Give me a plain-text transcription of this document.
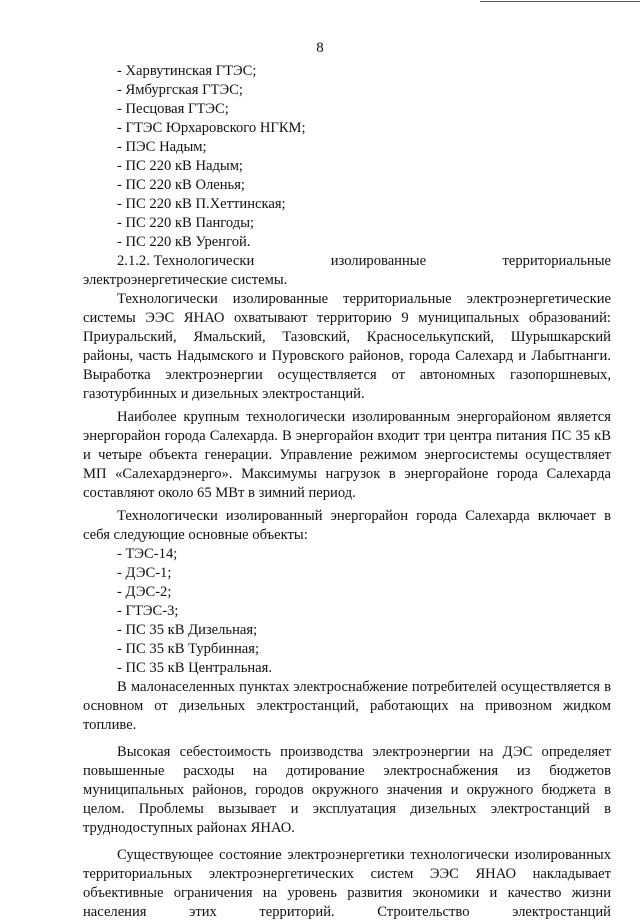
8
- Харвутинская ГТЭС;
- Ямбургская ГТЭС;
- Песцовая ГТЭС;
- ГТЭС Юрхаровского НГКМ;
- ПЭС Надым;
- ПС 220 кВ Надым;
- ПС 220 кВ Оленья;
- ПС 220 кВ П.Хеттинская;
- ПС 220 кВ Пангоды;
- ПС 220 кВ Уренгой.
2.1.2. Технологически	изолированные	территориальные
электроэнергетические системы.

Технологически изолированные территориальные электроэнергетические системы ЭЭС ЯНАО охватывают территорию 9 муниципальных образований: Приуральский, Ямальский, Тазовский, Красноселькупский, Шурышкарский районы, часть Надымского и Пуровского районов, города Салехард и Лабытнанги. Выработка электроэнергии осуществляется от автономных газопоршневых, газотурбинных и дизельных электростанций.

Наиболее крупным технологически изолированным энергорайоном является энергорайон города Салехарда. В энергорайон входит три центра питания ПС 35 кВ и четыре объекта генерации. Управление режимом энергосистемы осуществляет МП «Салехардэнерго». Максимумы нагрузок в энергорайоне города Салехарда составляют около 65 МВт в зимний период.

Технологически изолированный энергорайон города Салехарда включает в себя следующие основные объекты:

- ТЭС-14;
- ДЭС-1;
- ДЭС-2;
- ГТЭС-3;
- ПС 35 кВ Дизельная;
- ПС 35 кВ Турбинная;
- ПС 35 кВ Центральная.

В малонаселенных пунктах электроснабжение потребителей осуществляется в основном от дизельных электростанций, работающих на привозном жидком топливе.

Высокая себестоимость производства электроэнергии на ДЭС определяет повышенные расходы на дотирование электроснабжения из бюджетов муниципальных районов, городов окружного значения и окружного бюджета в целом. Проблемы вызывает и эксплуатация дизельных электростанций в труднодоступных районах ЯНАО.

Существующее состояние электроэнергетики технологически изолированных территориальных электроэнергетических систем ЭЭС ЯНАО накладывает объективные ограничения на уровень развития экономики и качество жизни населения этих территорий. Строительство электростанций
